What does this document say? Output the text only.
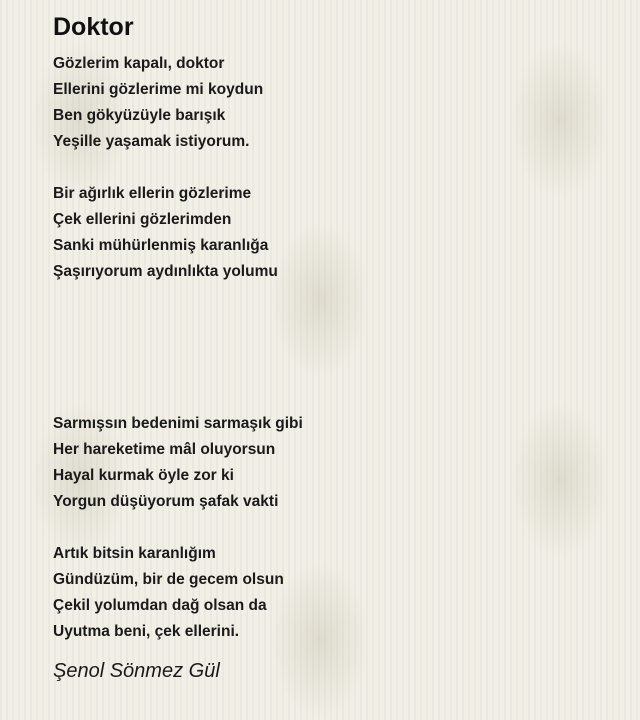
Doktor
Gözlerim kapalı, doktor
Ellerini gözlerime mi koydun
Ben gökyüzüyle barışık
Yeşille yaşamak istiyorum.
Bir ağırlık ellerin gözlerime
Çek ellerini gözlerimden
Sanki mühürlenmiş karanlığa
Şaşırıyorum aydınlıkta yolumu
Sarmışsın bedenimi sarmaşık gibi
Her hareketime mâl oluyorsun
Hayal kurmak öyle zor ki
Yorgun düşüyorum şafak vakti
Artık bitsin karanlığım
Gündüzüm, bir de gecem olsun
Çekil yolumdan dağ olsan da
Uyutma beni, çek ellerini.
Şenol Sönmez Gül
